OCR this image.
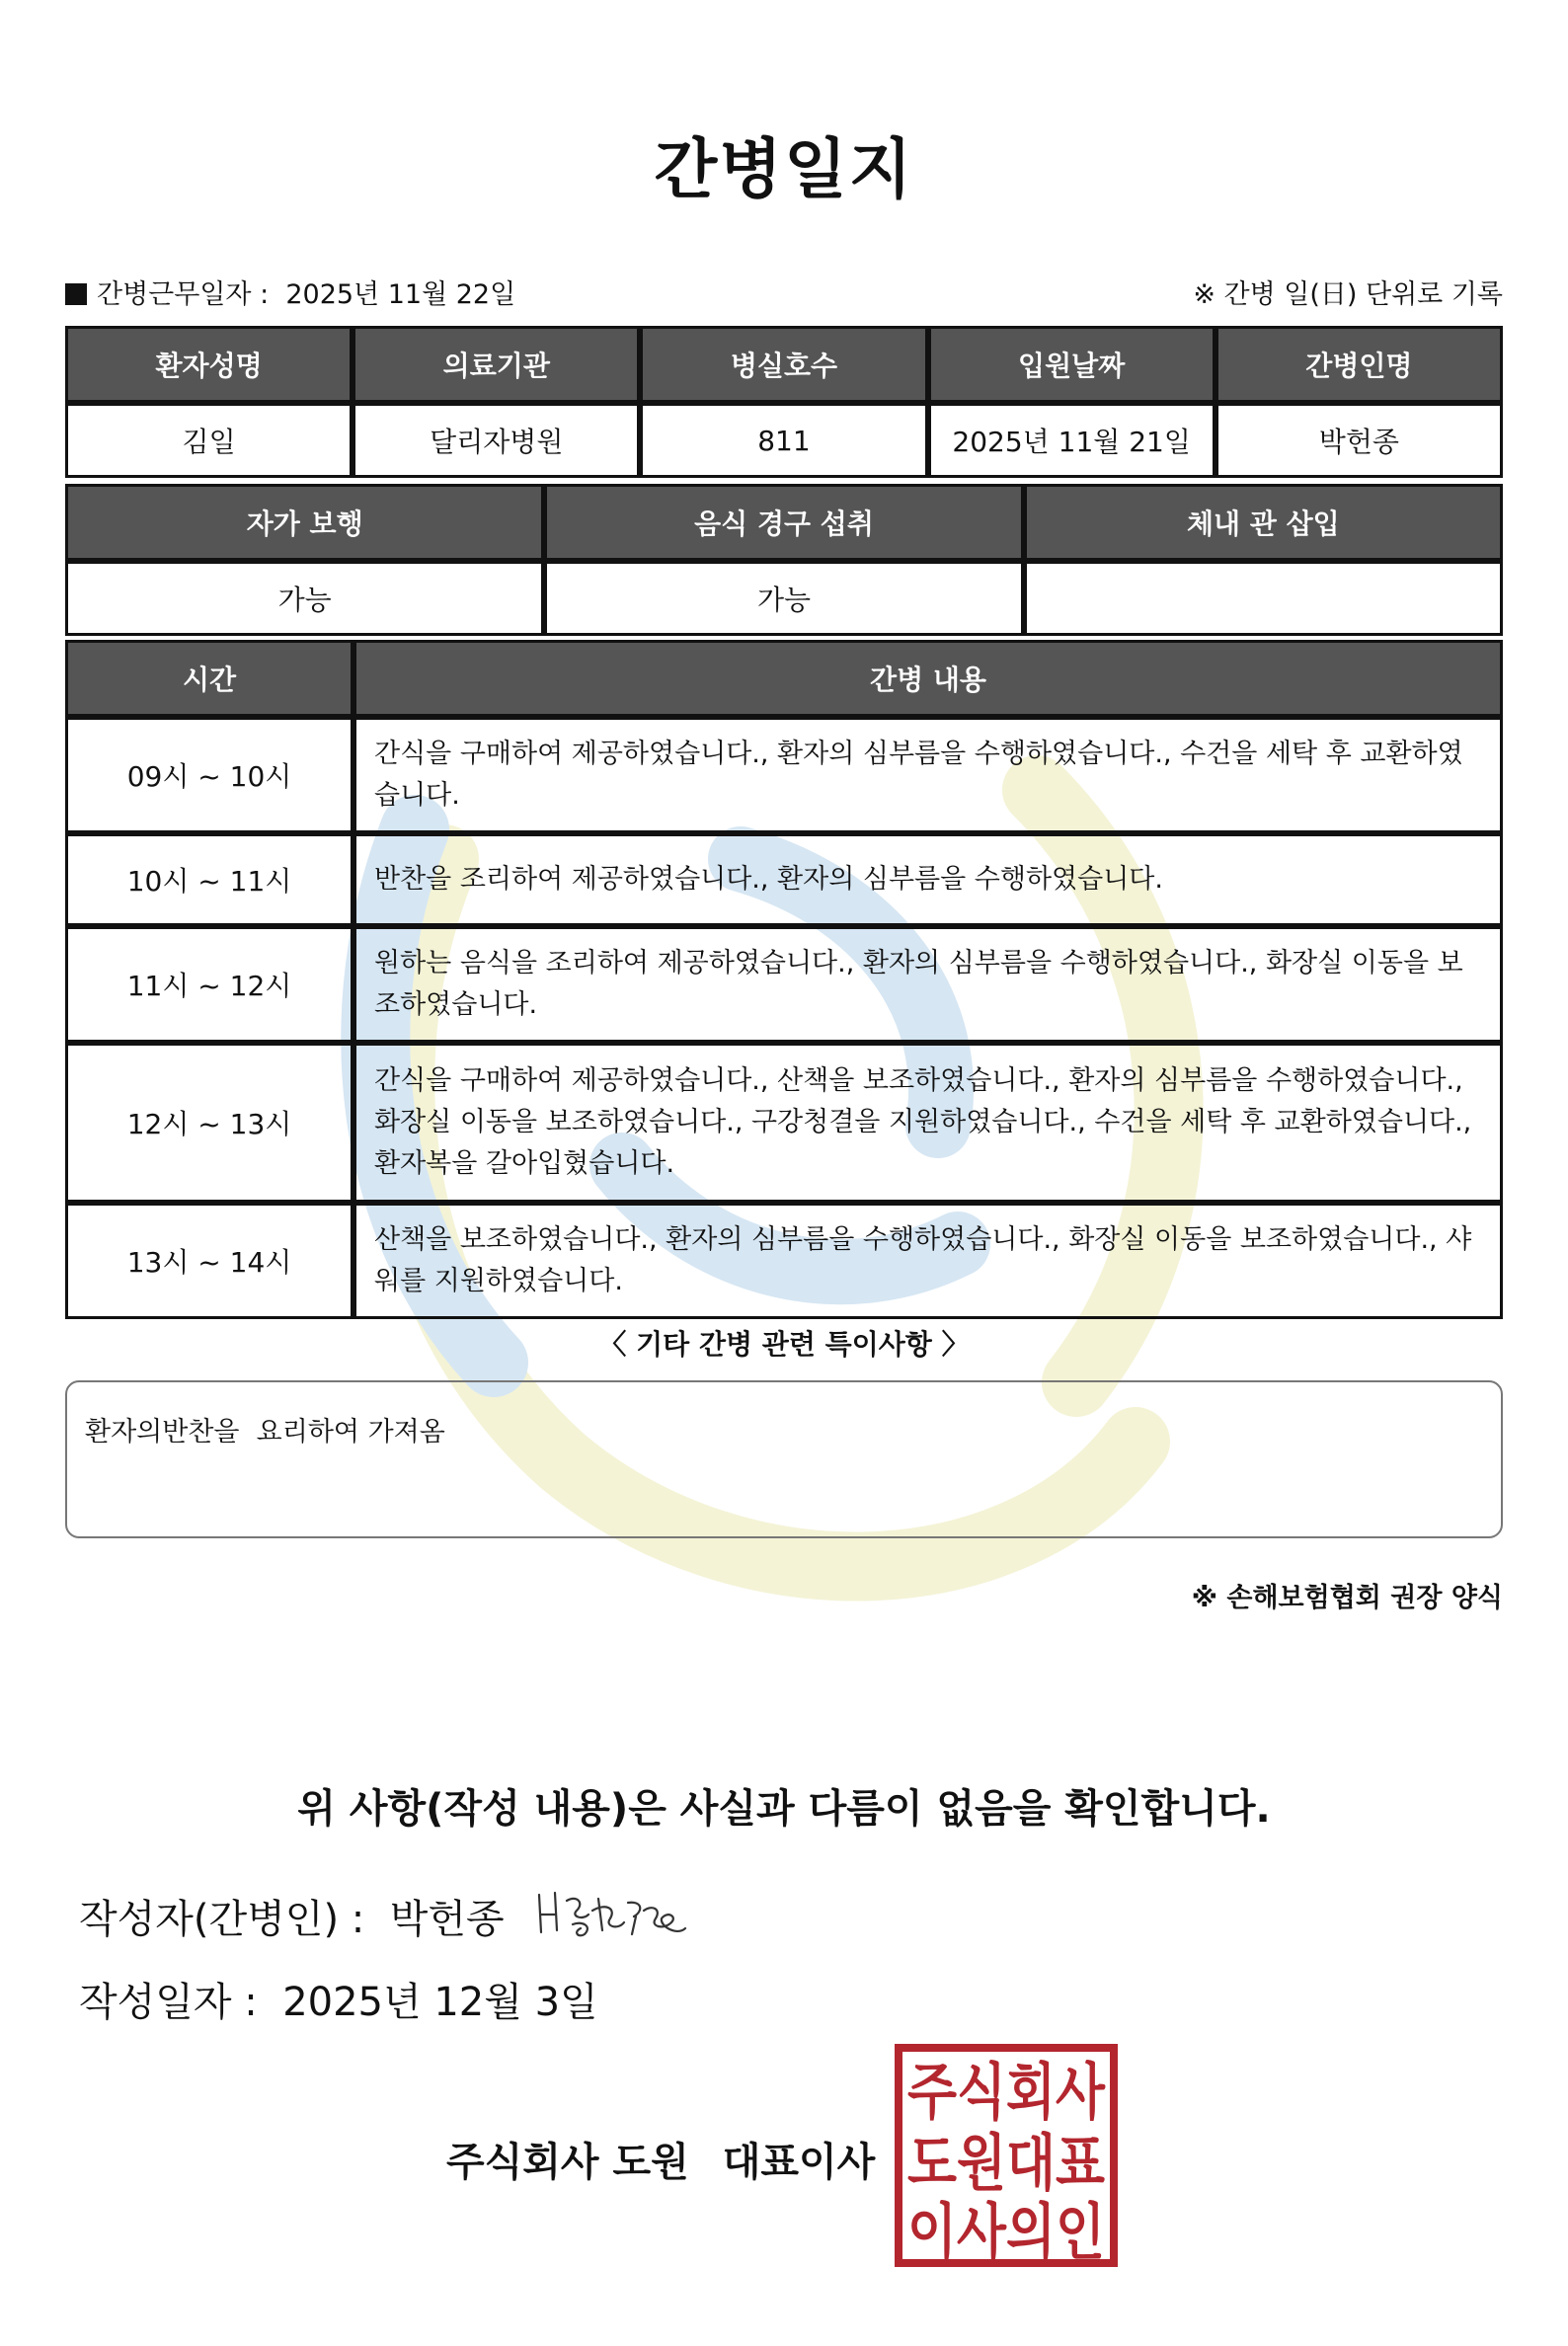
간병일지
간병근무일자 : 2025년 11월 22일	※ 간병 일(日) 단위로 기록
환자성명	의료기관	병실호수	입원날짜	간병인명
김일	달리자병원	811	2025년 11월 21일	박헌종
자가 보행	음식 경구 섭취	체내 관 삽입
가능	가능	
시간	간병 내용
09시 ~ 10시	간식을 구매하여 제공하였습니다., 환자의 심부름을 수행하였습니다., 수건을 세탁 후 교환하였습니다.
10시 ~ 11시	반찬을 조리하여 제공하였습니다., 환자의 심부름을 수행하였습니다.
11시 ~ 12시	원하는 음식을 조리하여 제공하였습니다., 환자의 심부름을 수행하였습니다., 화장실 이동을 보조하였습니다.
12시 ~ 13시	간식을 구매하여 제공하였습니다., 산책을 보조하였습니다., 환자의 심부름을 수행하였습니다., 화장실 이동을 보조하였습니다., 구강청결을 지원하였습니다., 수건을 세탁 후 교환하였습니다., 환자복을 갈아입혔습니다.
13시 ~ 14시	산책을 보조하였습니다., 환자의 심부름을 수행하였습니다., 화장실 이동을 보조하였습니다., 샤워를 지원하였습니다.
〈 기타 간병 관련 특이사항 〉
환자의반찬을  요리하여 가져옴
※ 손해보험협회 권장 양식
위 사항(작성 내용)은 사실과 다름이 없음을 확인합니다.
작성자(간병인) : 박헌종
작성일자 : 2025년 12월 3일
주식회사 도원 대표이사
주식회사
도원대표
이사의인
